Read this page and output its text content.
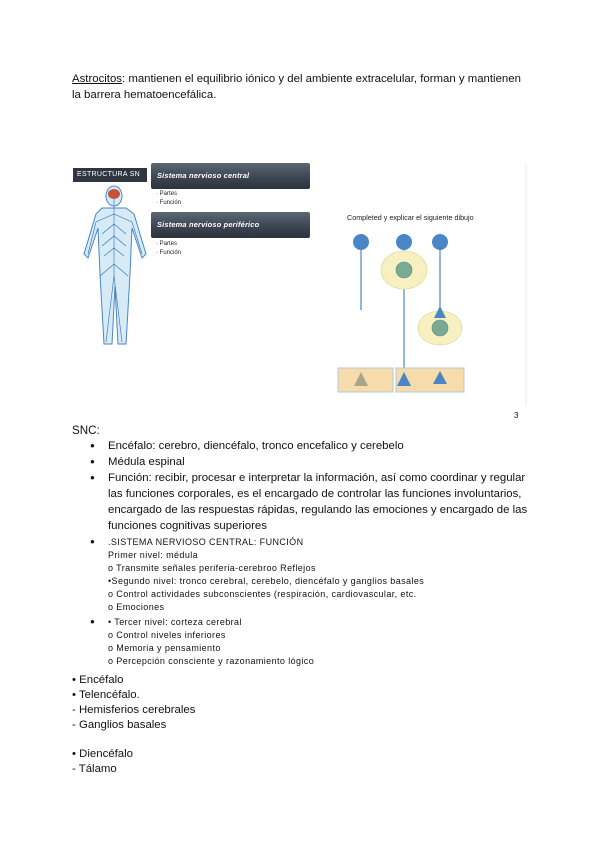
Astrocitos: mantienen el equilibrio iónico y del ambiente extracelular, forman y mantienen la barrera hematoencefálica.
ESTRUCTURA SN	Sistema nervioso central
· Partes
· Función
Sistema nervioso periférico
· Partes
· Función
Completed y explicar el siguiente dibujo
3
SNC:
● Encéfalo: cerebro, diencéfalo, tronco encefalico y cerebelo
● Médula espinal
● Función: recibir, procesar e interpretar la información, así como coordinar y regular las funciones corporales, es el encargado de controlar las funciones involuntarios, encargado de las respuestas rápidas, regulando las emociones y encargado de las funciones cognitivas superiores
● .SISTEMA NERVIOSO CENTRAL: FUNCIÓN
Primer nivel: médula
o Transmite señales periferia-cerebroo Reflejos
•Segundo nivel: tronco cerebral, cerebelo, diencéfalo y ganglios basales
o Control actividades subconscientes (respiración, cardiovascular, etc.
o Emociones
● • Tercer nivel: corteza cerebral
o Control niveles inferiores
o Memoria y pensamiento
o Percepción consciente y razonamiento lógico
• Encéfalo
• Telencéfalo.
- Hemisferios cerebrales
- Ganglios basales
• Diencéfalo
- Tálamo
